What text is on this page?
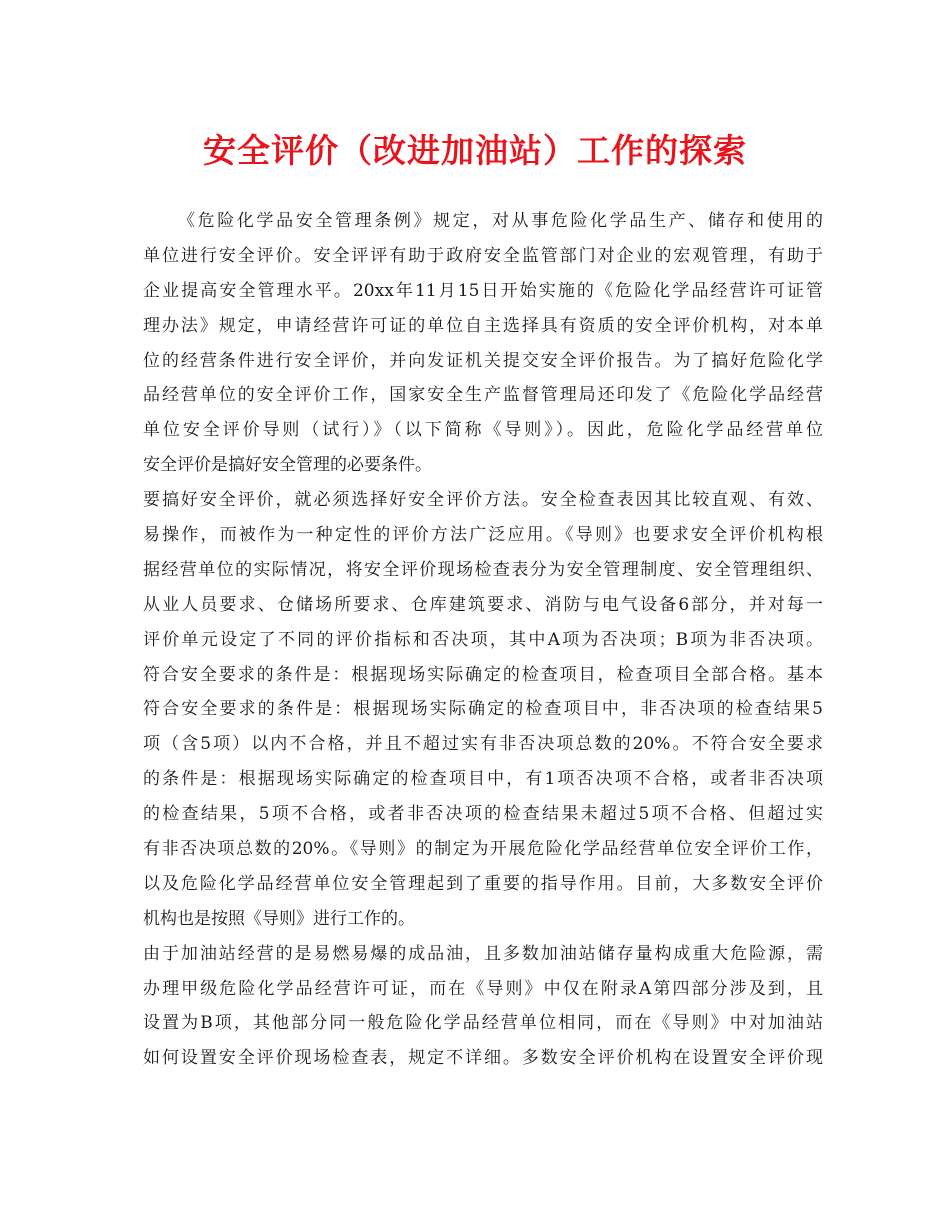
安全评价（改进加油站）工作的探索
《危险化学品安全管理条例》规定，对从事危险化学品生产、储存和使用的
单位进行安全评价。安全评评有助于政府安全监管部门对企业的宏观管理，有助于
企业提高安全管理水平。20xx年11月15日开始实施的《危险化学品经营许可证管
理办法》规定，申请经营许可证的单位自主选择具有资质的安全评价机构，对本单
位的经营条件进行安全评价，并向发证机关提交安全评价报告。为了搞好危险化学
品经营单位的安全评价工作，国家安全生产监督管理局还印发了《危险化学品经营
单位安全评价导则（试行）》（以下简称《导则》）。因此，危险化学品经营单位
安全评价是搞好安全管理的必要条件。
要搞好安全评价，就必须选择好安全评价方法。安全检查表因其比较直观、有效、
易操作，而被作为一种定性的评价方法广泛应用。《导则》也要求安全评价机构根
据经营单位的实际情况，将安全评价现场检查表分为安全管理制度、安全管理组织、
从业人员要求、仓储场所要求、仓库建筑要求、消防与电气设备6部分，并对每一
评价单元设定了不同的评价指标和否决项，其中A项为否决项；B项为非否决项。
符合安全要求的条件是：根据现场实际确定的检查项目，检查项目全部合格。基本
符合安全要求的条件是：根据现场实际确定的检查项目中，非否决项的检查结果5
项（含5项）以内不合格，并且不超过实有非否决项总数的20%。不符合安全要求
的条件是：根据现场实际确定的检查项目中，有1项否决项不合格，或者非否决项
的检查结果，5项不合格，或者非否决项的检查结果未超过5项不合格、但超过实
有非否决项总数的20%。《导则》的制定为开展危险化学品经营单位安全评价工作，
以及危险化学品经营单位安全管理起到了重要的指导作用。目前，大多数安全评价
机构也是按照《导则》进行工作的。
由于加油站经营的是易燃易爆的成品油，且多数加油站储存量构成重大危险源，需
办理甲级危险化学品经营许可证，而在《导则》中仅在附录A第四部分涉及到，且
设置为B项，其他部分同一般危险化学品经营单位相同，而在《导则》中对加油站
如何设置安全评价现场检查表，规定不详细。多数安全评价机构在设置安全评价现
